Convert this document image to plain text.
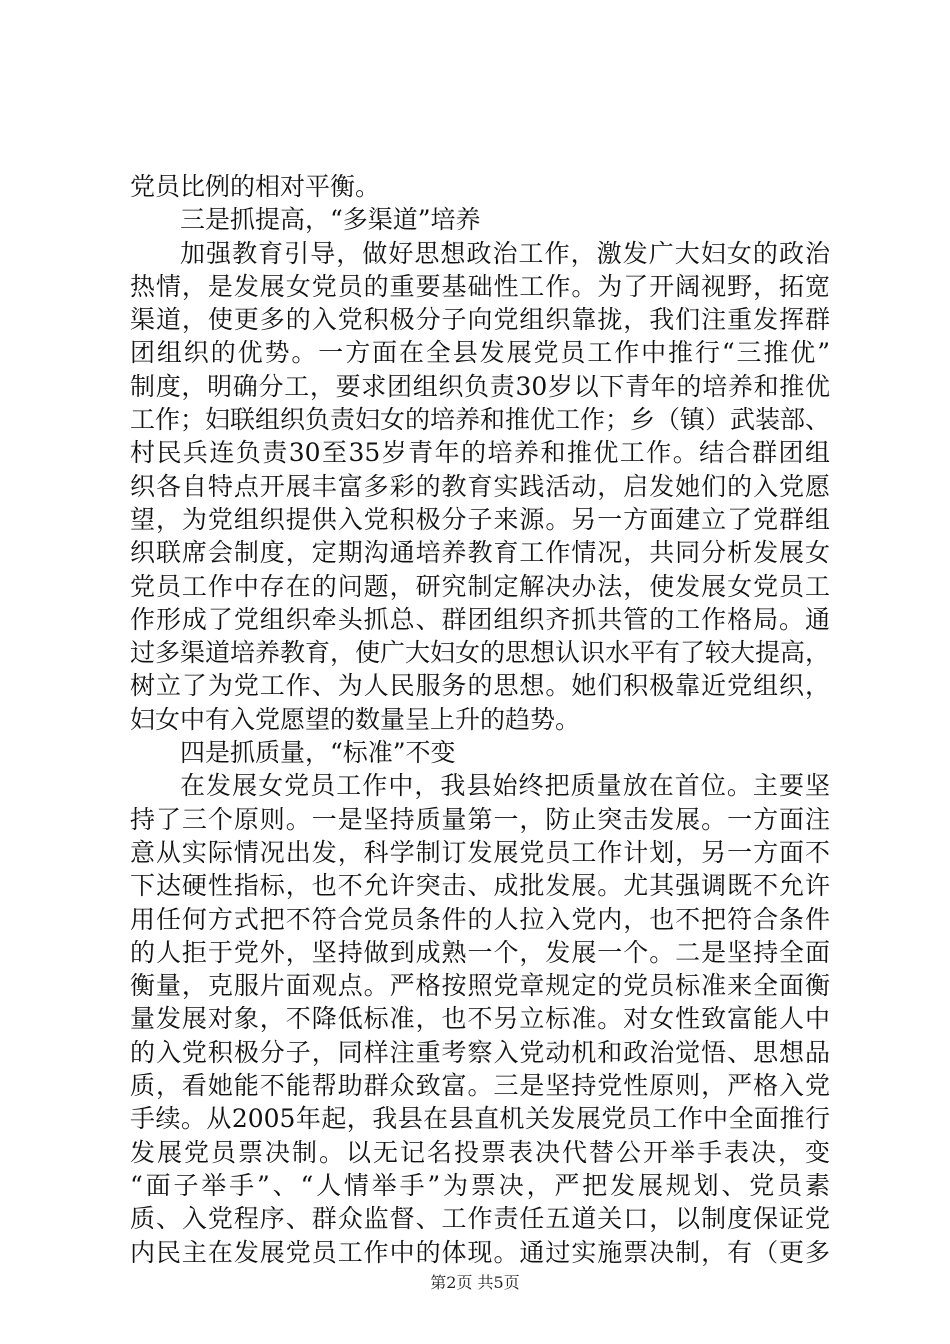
党员比例的相对平衡。
三是抓提高，“多渠道”培养
加强教育引导，做好思想政治工作，激发广大妇女的政治
热情，是发展女党员的重要基础性工作。为了开阔视野，拓宽
渠道，使更多的入党积极分子向党组织靠拢，我们注重发挥群
团组织的优势。一方面在全县发展党员工作中推行“三推优”
制度，明确分工，要求团组织负责30岁以下青年的培养和推优
工作；妇联组织负责妇女的培养和推优工作；乡（镇）武装部、
村民兵连负责30至35岁青年的培养和推优工作。结合群团组
织各自特点开展丰富多彩的教育实践活动，启发她们的入党愿
望，为党组织提供入党积极分子来源。另一方面建立了党群组
织联席会制度，定期沟通培养教育工作情况，共同分析发展女
党员工作中存在的问题，研究制定解决办法，使发展女党员工
作形成了党组织牵头抓总、群团组织齐抓共管的工作格局。通
过多渠道培养教育，使广大妇女的思想认识水平有了较大提高，
树立了为党工作、为人民服务的思想。她们积极靠近党组织，
妇女中有入党愿望的数量呈上升的趋势。
四是抓质量，“标准”不变
在发展女党员工作中，我县始终把质量放在首位。主要坚
持了三个原则。一是坚持质量第一，防止突击发展。一方面注
意从实际情况出发，科学制订发展党员工作计划，另一方面不
下达硬性指标，也不允许突击、成批发展。尤其强调既不允许
用任何方式把不符合党员条件的人拉入党内，也不把符合条件
的人拒于党外，坚持做到成熟一个，发展一个。二是坚持全面
衡量，克服片面观点。严格按照党章规定的党员标准来全面衡
量发展对象，不降低标准，也不另立标准。对女性致富能人中
的入党积极分子，同样注重考察入党动机和政治觉悟、思想品
质，看她能不能帮助群众致富。三是坚持党性原则，严格入党
手续。从2005年起，我县在县直机关发展党员工作中全面推行
发展党员票决制。以无记名投票表决代替公开举手表决，变
“面子举手”、“人情举手”为票决，严把发展规划、党员素
质、入党程序、群众监督、工作责任五道关口，以制度保证党
内民主在发展党员工作中的体现。通过实施票决制，有（更多
第2页 共5页
